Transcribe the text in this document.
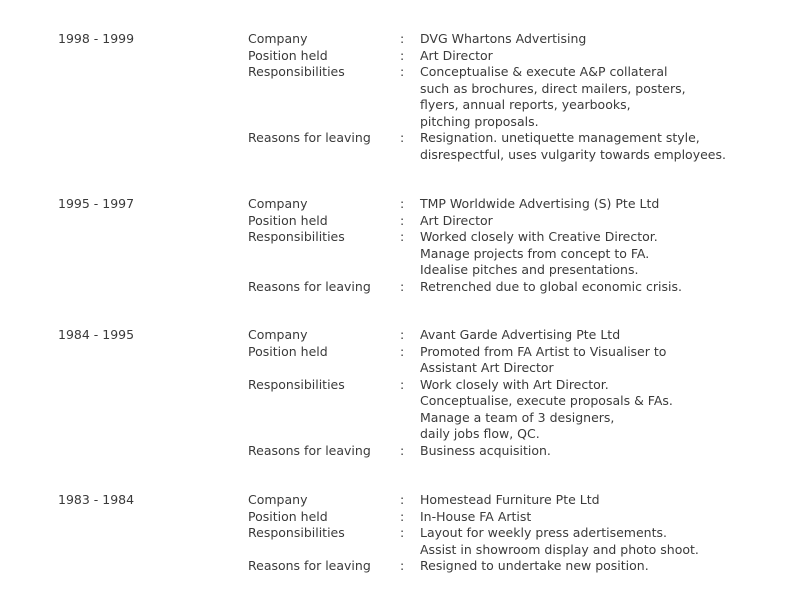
1998 - 1999	Company	: DVG Whartons Advertising
Position held	: Art Director
Responsibilities	: Conceptualise & execute A&P collateral
such as brochures, direct mailers, posters,
flyers, annual reports, yearbooks,
pitching proposals.
Reasons for leaving : Resignation. unetiquette management style,
disrespectful, uses vulgarity towards employees.
1995 - 1997	Company	: TMP Worldwide Advertising (S) Pte Ltd
Position held	: Art Director
Responsibilities	: Worked closely with Creative Director.
Manage projects from concept to FA.
Idealise pitches and presentations.
Reasons for leaving : Retrenched due to global economic crisis.
1984 - 1995	Company	: Avant Garde Advertising Pte Ltd
Position held	: Promoted from FA Artist to Visualiser to
Assistant Art Director
Responsibilities	: Work closely with Art Director.
Conceptualise, execute proposals & FAs.
Manage a team of 3 designers,
daily jobs flow, QC.
Reasons for leaving : Business acquisition.
1983 - 1984	Company	: Homestead Furniture Pte Ltd
Position held	: In-House FA Artist
Responsibilities	: Layout for weekly press adertisements.
Assist in showroom display and photo shoot.
Reasons for leaving : Resigned to undertake new position.
